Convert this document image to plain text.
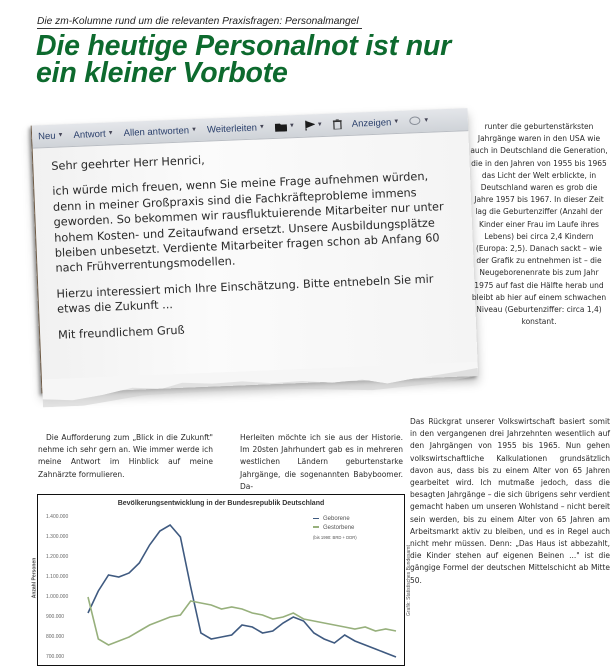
Die zm-Kolumne rund um die relevanten Praxisfragen: Personalmangel
Die heutige Personalnot ist nur
ein kleiner Vorbote
Neu ▼ Antwort ▼ Allen antworten ▼ Weiterleiten ▼	▼	▼	Anzeigen ▼	▼

Sehr geehrter Herr Henrici,

ich würde mich freuen, wenn Sie meine Frage aufnehmen würden, denn in meiner Großpraxis sind die Fachkräfteprobleme immens geworden. So bekommen wir rausfluktuierende Mitarbeiter nur unter hohem Kosten- und Zeitaufwand ersetzt. Unsere Ausbildungsplätze bleiben unbesetzt. Verdiente Mitarbeiter fragen schon ab Anfang 60 nach Frühverrentungsmodellen.

Hierzu interessiert mich Ihre Einschätzung. Bitte entnebeln Sie mir etwas die Zukunft ...

Mit freundlichem Gruß

Die Aufforderung zum „Blick in die Zukunft" nehme ich sehr gern an. Wie immer werde ich meine Antwort im Hinblick auf meine Zahnärzte formulieren.
Herleiten möchte ich sie aus der Historie. Im 20sten Jahrhundert gab es in mehreren westlichen Ländern geburtenstarke Jahrgänge, die sogenannten Babyboomer. Da-
runter die geburtenstärksten Jahrgänge waren in den USA wie auch in Deutschland die Generation, die in den Jahren von 1955 bis 1965 das Licht der Welt erblickte, in Deutschland waren es grob die Jahre 1957 bis 1967. In dieser Zeit lag die Geburtenziffer (Anzahl der Kinder einer Frau im Laufe ihres Lebens) bei circa 2,4 Kindern (Europa: 2,5). Danach sackt – wie der Grafik zu entnehmen ist – die Neugeborenenrate bis zum Jahr 1975 auf fast die Hälfte herab und bleibt ab hier auf einem schwachen Niveau (Geburtenziffer: circa 1,4) konstant.
Das Rückgrat unserer Volkswirtschaft basiert somit in den vergangenen drei Jahrzehnten wesentlich auf den Jahrgängen von 1955 bis 1965. Nun gehen volkswirtschaftliche Kalkulationen grundsätzlich davon aus, dass bis zu einem Alter von 65 Jahren gearbeitet wird. Ich mutmaße jedoch, dass die besagten Jahrgänge – die sich übrigens sehr verdient gemacht haben um unseren Wohlstand – nicht bereit sein werden, bis zu einem Alter von 65 Jahren am Arbeitsmarkt aktiv zu bleiben, und es in Regel auch nicht mehr müssen. Denn: „Das Haus ist abbezahlt, die Kinder stehen auf eigenen Beinen ..." ist die gängige Formel der deutschen Mittelschicht ab Mitte 50.
Bevölkerungsentwicklung in der Bundesrepublik Deutschland
1.400.000
1.300.000
1.200.000
1.100.000
1.000.000
900.000
800.000
700.000
Anzahl Personen
Geborene
Gestorbene
(bis 1990: BRD + DDR)
Grafik: Statistisches Bundesamt
